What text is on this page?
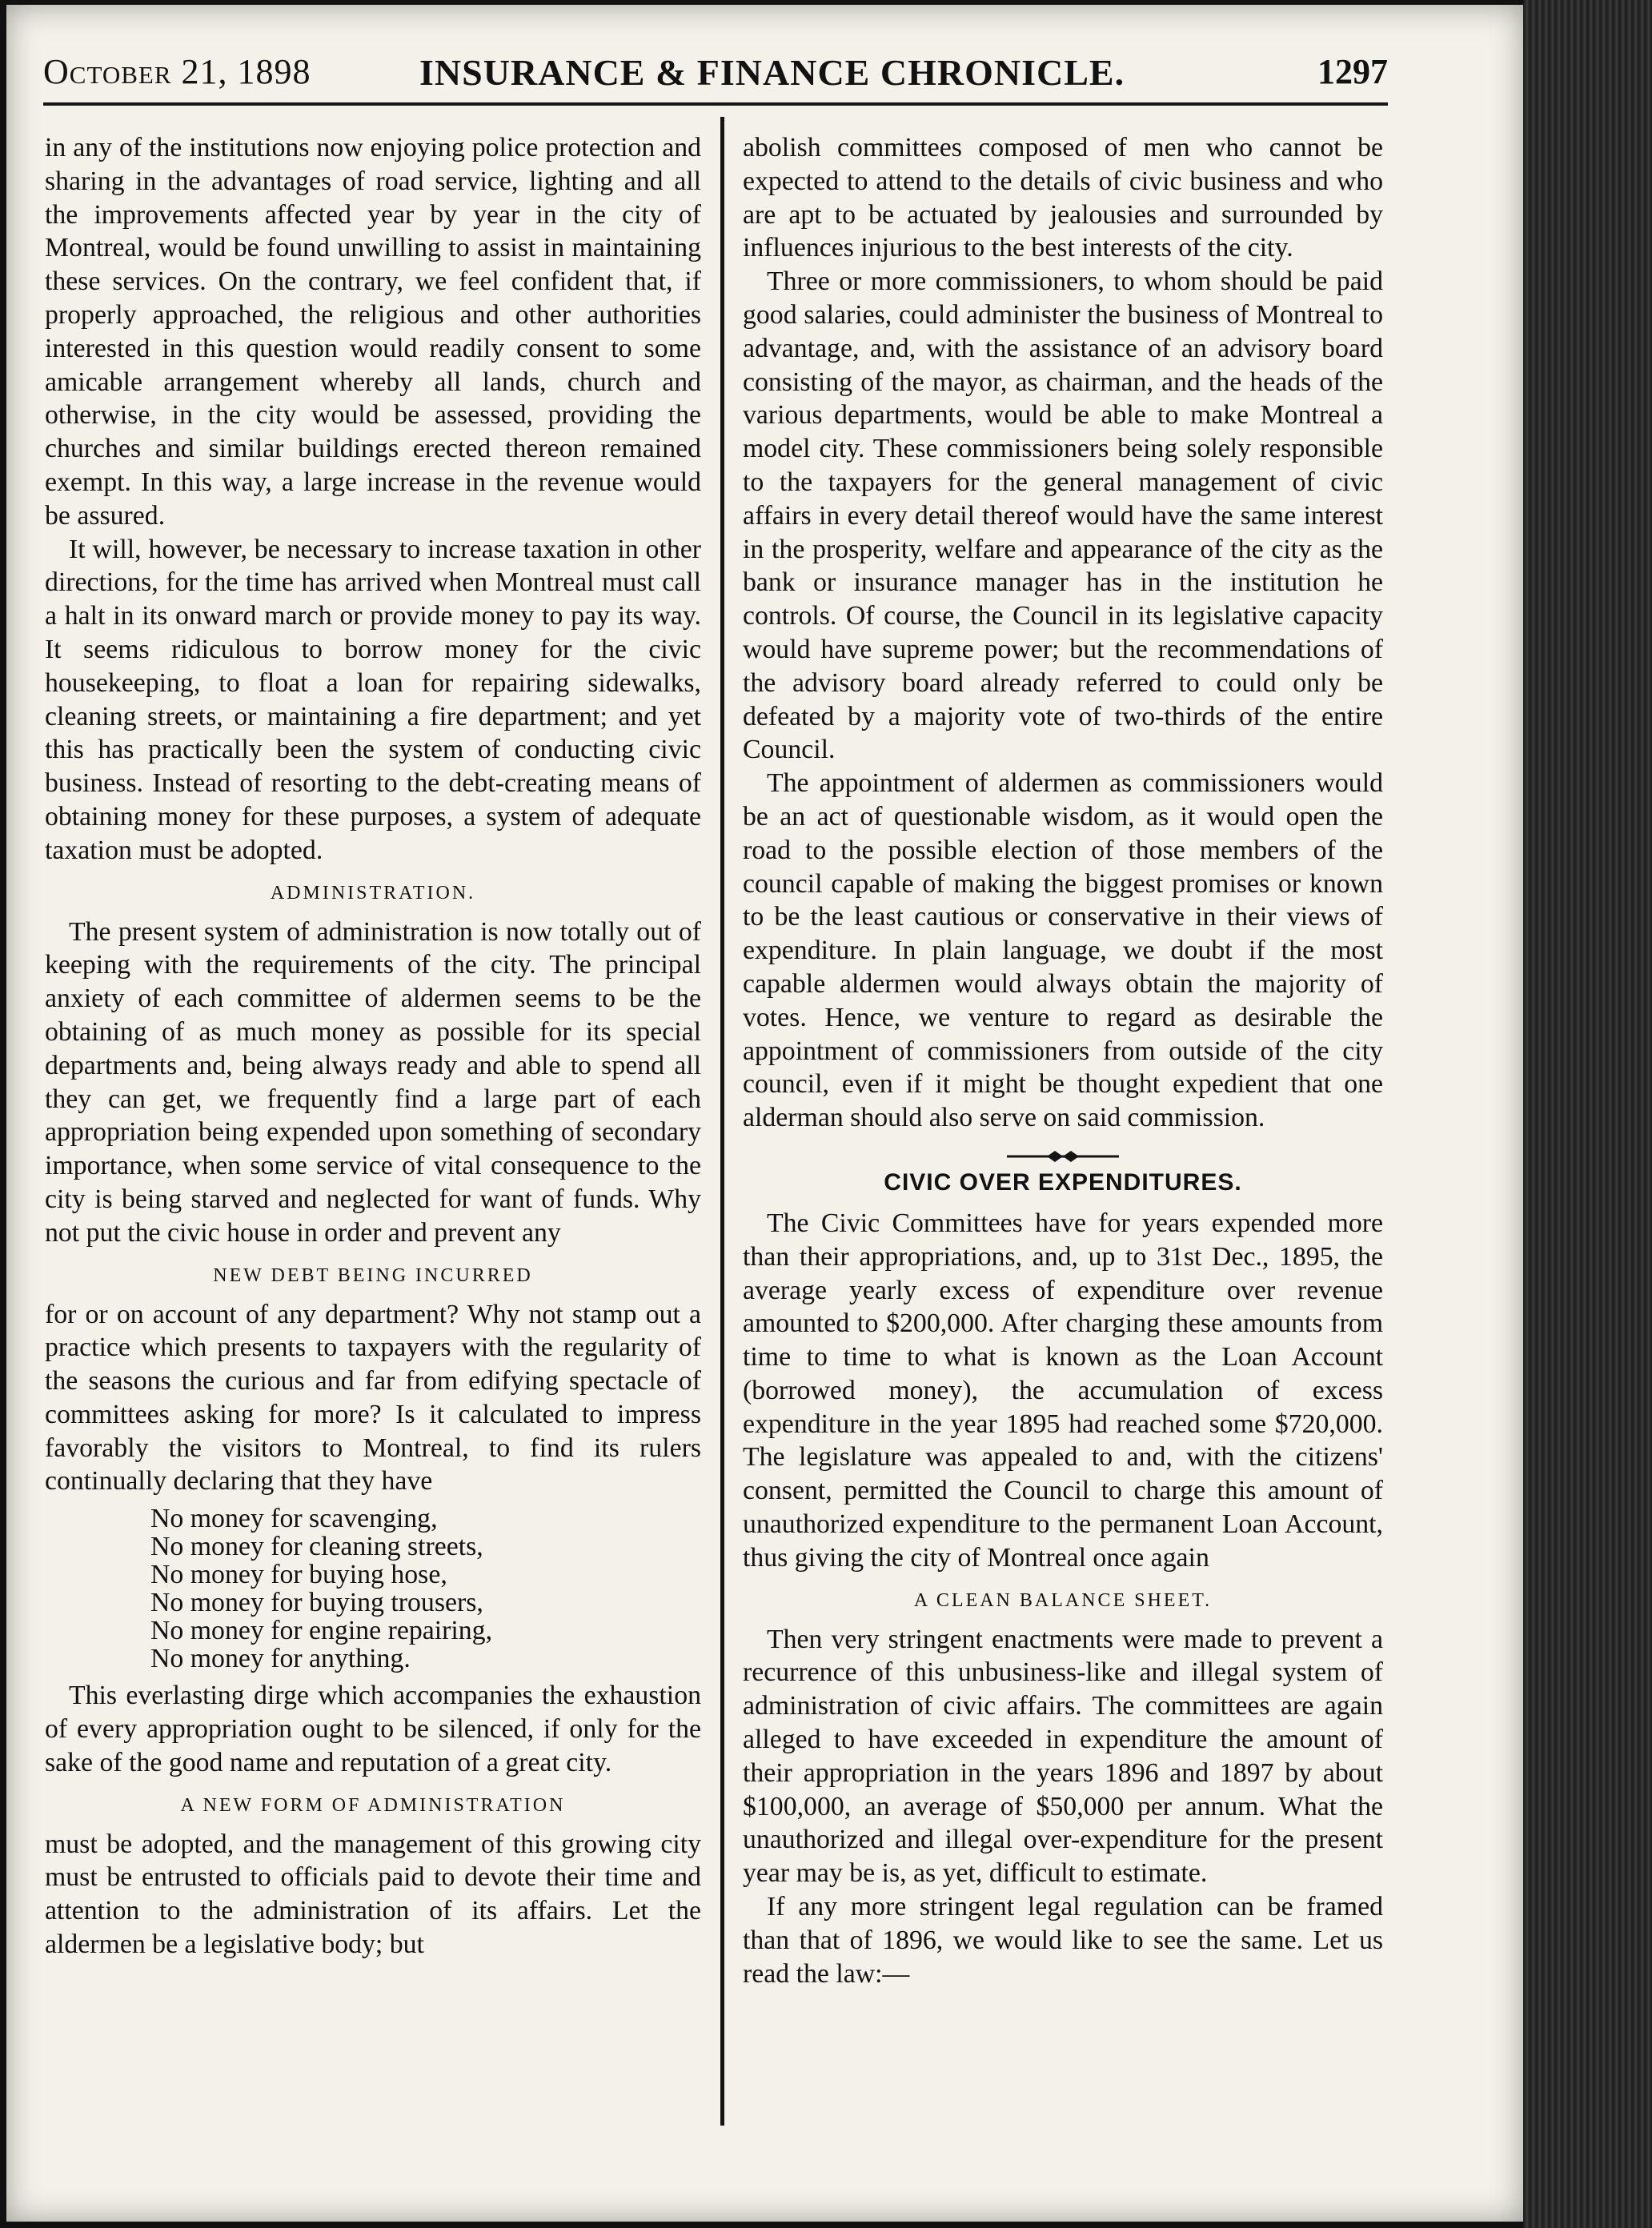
October 21, 1898	INSURANCE & FINANCE CHRONICLE.	1297

in any of the institutions now enjoying police protection and sharing in the advantages of road service, lighting and all the improvements affected year by year in the city of Montreal, would be found unwilling to assist in maintaining these services. On the contrary, we feel confident that, if properly approached, the religious and other authorities interested in this question would readily consent to some amicable arrangement whereby all lands, church and otherwise, in the city would be assessed, providing the churches and similar buildings erected thereon remained exempt. In this way, a large increase in the revenue would be assured.

It will, however, be necessary to increase taxation in other directions, for the time has arrived when Montreal must call a halt in its onward march or provide money to pay its way. It seems ridiculous to borrow money for the civic housekeeping, to float a loan for repairing sidewalks, cleaning streets, or maintaining a fire department; and yet this has practically been the system of conducting civic business. Instead of resorting to the debt-creating means of obtaining money for these purposes, a system of adequate taxation must be adopted.

ADMINISTRATION.

The present system of administration is now totally out of keeping with the requirements of the city. The principal anxiety of each committee of aldermen seems to be the obtaining of as much money as possible for its special departments and, being always ready and able to spend all they can get, we frequently find a large part of each appropriation being expended upon something of secondary importance, when some service of vital consequence to the city is being starved and neglected for want of funds. Why not put the civic house in order and prevent any

NEW DEBT BEING INCURRED

for or on account of any department? Why not stamp out a practice which presents to taxpayers with the regularity of the seasons the curious and far from edifying spectacle of committees asking for more? Is it calculated to impress favorably the visitors to Montreal, to find its rulers continually declaring that they have

No money for scavenging,
No money for cleaning streets,
No money for buying hose,
No money for buying trousers,
No money for engine repairing,
No money for anything.

This everlasting dirge which accompanies the exhaustion of every appropriation ought to be silenced, if only for the sake of the good name and reputation of a great city.

A NEW FORM OF ADMINISTRATION

must be adopted, and the management of this growing city must be entrusted to officials paid to devote their time and attention to the administration of its affairs. Let the aldermen be a legislative body; but

abolish committees composed of men who cannot be expected to attend to the details of civic business and who are apt to be actuated by jealousies and surrounded by influences injurious to the best interests of the city.

Three or more commissioners, to whom should be paid good salaries, could administer the business of Montreal to advantage, and, with the assistance of an advisory board consisting of the mayor, as chairman, and the heads of the various departments, would be able to make Montreal a model city. These commissioners being solely responsible to the taxpayers for the general management of civic affairs in every detail thereof would have the same interest in the prosperity, welfare and appearance of the city as the bank or insurance manager has in the institution he controls. Of course, the Council in its legislative capacity would have supreme power; but the recommendations of the advisory board already referred to could only be defeated by a majority vote of two-thirds of the entire Council.

The appointment of aldermen as commissioners would be an act of questionable wisdom, as it would open the road to the possible election of those members of the council capable of making the biggest promises or known to be the least cautious or conservative in their views of expenditure. In plain language, we doubt if the most capable aldermen would always obtain the majority of votes. Hence, we venture to regard as desirable the appointment of commissioners from outside of the city council, even if it might be thought expedient that one alderman should also serve on said commission.

CIVIC OVER EXPENDITURES.

The Civic Committees have for years expended more than their appropriations, and, up to 31st Dec., 1895, the average yearly excess of expenditure over revenue amounted to $200,000. After charging these amounts from time to time to what is known as the Loan Account (borrowed money), the accumulation of excess expenditure in the year 1895 had reached some $720,000. The legislature was appealed to and, with the citizens' consent, permitted the Council to charge this amount of unauthorized expenditure to the permanent Loan Account, thus giving the city of Montreal once again

A CLEAN BALANCE SHEET.

Then very stringent enactments were made to prevent a recurrence of this unbusiness-like and illegal system of administration of civic affairs. The committees are again alleged to have exceeded in expenditure the amount of their appropriation in the years 1896 and 1897 by about $100,000, an average of $50,000 per annum. What the unauthorized and illegal over-expenditure for the present year may be is, as yet, difficult to estimate.

If any more stringent legal regulation can be framed than that of 1896, we would like to see the same. Let us read the law:—
